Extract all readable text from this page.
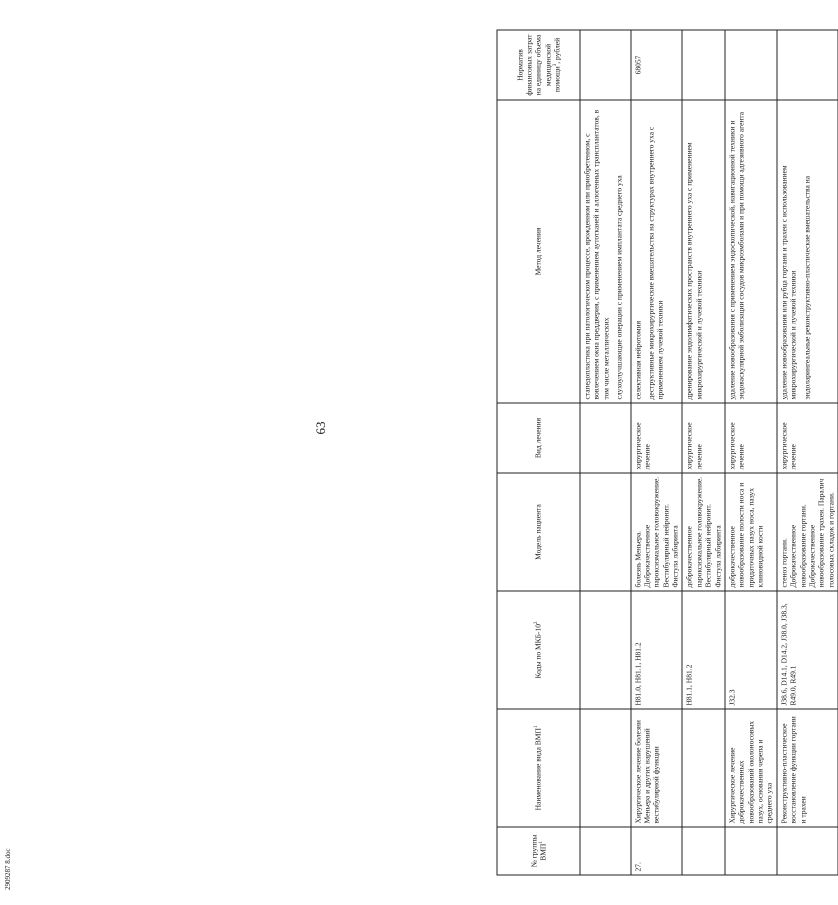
63
2909287 8.doc	№ группы ВМП$^1$	Наименование вида ВМП$^1$	Коды по МКБ-$10^2$	Модель пациента	Вид лечения	Метод лечения	Норматив финансовых затрат на единицу объема медицинской помощи$^3$, рублей

					стапедопластика при патологическом процессе, врожденном или приобретенном, с вовлечением окна преддверия, с применением аутотканей и аллогенных трансплантатов, в том числе металлических слухоулучшающие операции с применением имплантата среднего уха	

27.	Хирургическое лечение болезни Меньера и других нарушений вестибулярной функции	H81.0, H81.1, H81.2	болезнь Меньера. Доброкачественное пароксизмальное головокружение. Вестибулярный нейронит. Фистула лабиринта	хирургическое лечение	селективная нейротомия деструктивные микрохирургические вмешательства на структурах внутреннего уха с применением лучевой техники	68057
		H81.1, H81.2	доброкачественное пароксизмальное головокружение. Вестибулярный нейронит. Фистула лабиринта	хирургическое лечение	дренирование эндолимфатических пространств внутреннего уха с применением микрохирургической и лучевой техники	

	Хирургическое лечение доброкачественных новообразований околоносовых пазух, основания черепа и среднего уха	J32.3	доброкачественное новообразование полости носа и придаточных пазух носа, пазух клиновидной кости	хирургическое лечение	удаление новообразования с применением эндоскопической, навигационной техники и эндоваскулярной эмболизации сосудов микроэмболами и при помощи адгезивного агента	

	Реконструктивно-пластическое восстановление функции гортани и трахеи	J38.6, D14.1, D14.2, J38.0, J38.3, R49.0, R49.1	стеноз гортани. Доброкачественное новообразование гортани. Доброкачественное новообразование трахеи. Паралич голосовых складок и гортани.	хирургическое лечение	удаление новообразования или рубца гортани и трахеи с использованием микрохирургической и лучевой техники эндоларингеальные реконструктивно-пластические вмешательства на	
